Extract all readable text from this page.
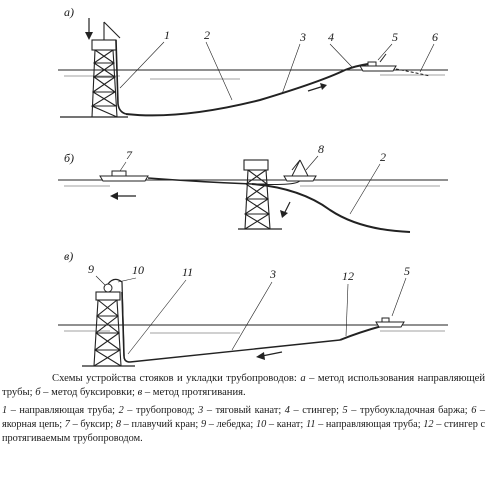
а)
1	2	3 4	5	6
б)	7	8
2
в)
9	10	11	3	12	5

Схемы устройства стояков и укладки трубопроводов: а – метод использования направляющей трубы; б – метод буксировки; в – метод протягивания.

1 – направляющая труба; 2 – трубопровод; 3 – тяговый канат; 4 – стингер; 5 – трубоукладочная баржа; 6 – якорная цепь; 7 – буксир; 8 – плавучий кран; 9 – лебедка; 10 – канат; 11 – направляющая труба; 12 – стингер с протягиваемым трубопроводом.
